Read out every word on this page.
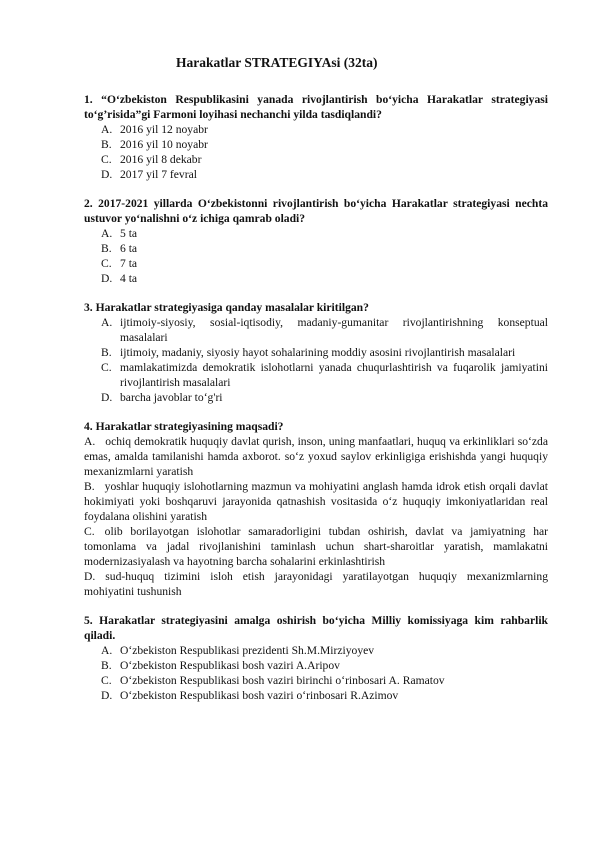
Harakatlar STRATEGIYAsi (32ta)
1. “O‘zbekiston Respublikasini yanada rivojlantirish bo‘yicha Harakatlar strategiyasi to‘g’risida”gi Farmoni loyihasi nechanchi yilda tasdiqlandi?
A. 2016 yil 12 noyabr
B. 2016 yil 10 noyabr
C. 2016 yil 8 dekabr
D. 2017 yil 7 fevral
2. 2017-2021 yillarda O‘zbekistonni rivojlantirish bo‘yicha Harakatlar strategiyasi nechta ustuvor yo‘nalishni o‘z ichiga qamrab oladi?
A. 5 ta
B. 6 ta
C. 7 ta
D. 4 ta
3. Harakatlar strategiyasiga qanday masalalar kiritilgan?
A. ijtimoiy-siyosiy, sosial-iqtisodiy, madaniy-gumanitar rivojlantirishning konseptual masalalari
B. ijtimoiy, madaniy, siyosiy hayot sohalarining moddiy asosini rivojlantirish masalalari
C. mamlakatimizda demokratik islohotlarni yanada chuqurlashtirish va fuqarolik jamiyatini rivojlantirish masalalari
D. barcha javoblar to‘g'ri
4. Harakatlar strategiyasining maqsadi?
A. ochiq demokratik huquqiy davlat qurish, inson, uning manfaatlari, huquq va erkinliklari so‘zda emas, amalda tamilanishi hamda axborot. so‘z yoxud saylov erkinligiga erishishda yangi huquqiy mexanizmlarni yaratish
B. yoshlar huquqiy islohotlarning mazmun va mohiyatini anglash hamda idrok etish orqali davlat hokimiyati yoki boshqaruvi jarayonida qatnashish vositasida o‘z huquqiy imkoniyatlaridan real foydalana olishini yaratish
C. olib borilayotgan islohotlar samaradorligini tubdan oshirish, davlat va jamiyatning har tomonlama va jadal rivojlanishini taminlash uchun shart-sharoitlar yaratish, mamlakatni modernizasiyalash va hayotning barcha sohalarini erkinlashtirish
D. sud-huquq tizimini isloh etish jarayonidagi yaratilayotgan huquqiy mexanizmlarning mohiyatini tushunish
5. Harakatlar strategiyasini amalga oshirish bo‘yicha Milliy komissiyaga kim rahbarlik qiladi.
A. O‘zbekiston Respublikasi prezidenti Sh.M.Mirziyoyev
B. O‘zbekiston Respublikasi bosh vaziri A.Aripov
C. O‘zbekiston Respublikasi bosh vaziri birinchi o‘rinbosari A. Ramatov
D. O‘zbekiston Respublikasi bosh vaziri o‘rinbosari R.Azimov
